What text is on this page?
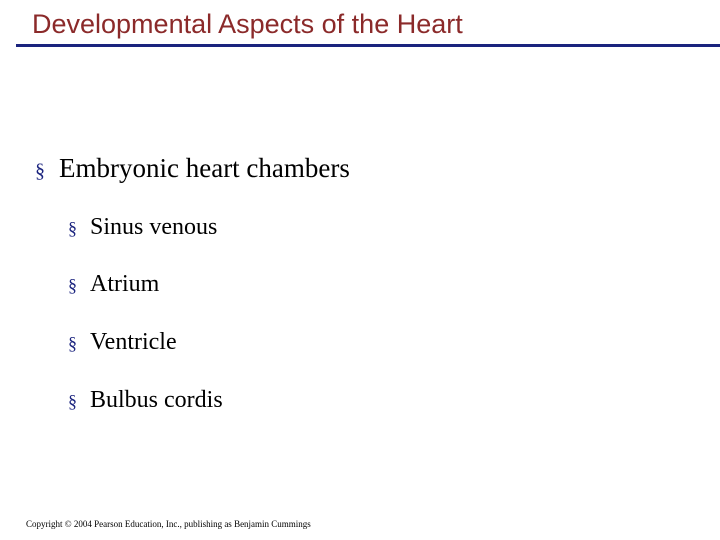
Developmental Aspects of the Heart
§ Embryonic heart chambers
§ Sinus venous
§ Atrium
§ Ventricle
§ Bulbus cordis
Copyright © 2004 Pearson Education, Inc., publishing as Benjamin Cummings
